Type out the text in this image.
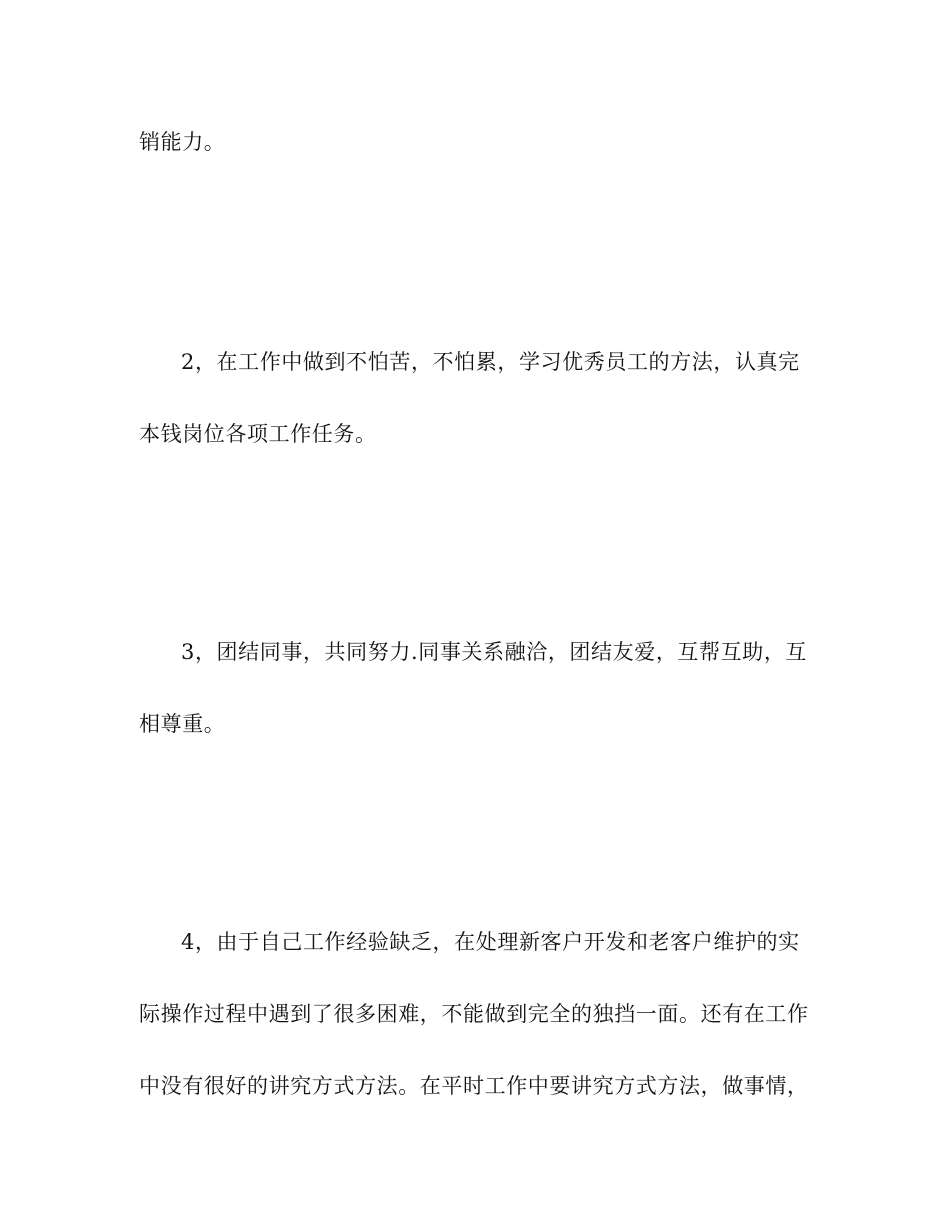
销能力。
2，在工作中做到不怕苦，不怕累，学习优秀员工的方法，认真完
本钱岗位各项工作任务。
3，团结同事，共同努力.同事关系融洽，团结友爱，互帮互助，互
相尊重。
4，由于自己工作经验缺乏，在处理新客户开发和老客户维护的实
际操作过程中遇到了很多困难，不能做到完全的独挡一面。还有在工作
中没有很好的讲究方式方法。在平时工作中要讲究方式方法，做事情，
